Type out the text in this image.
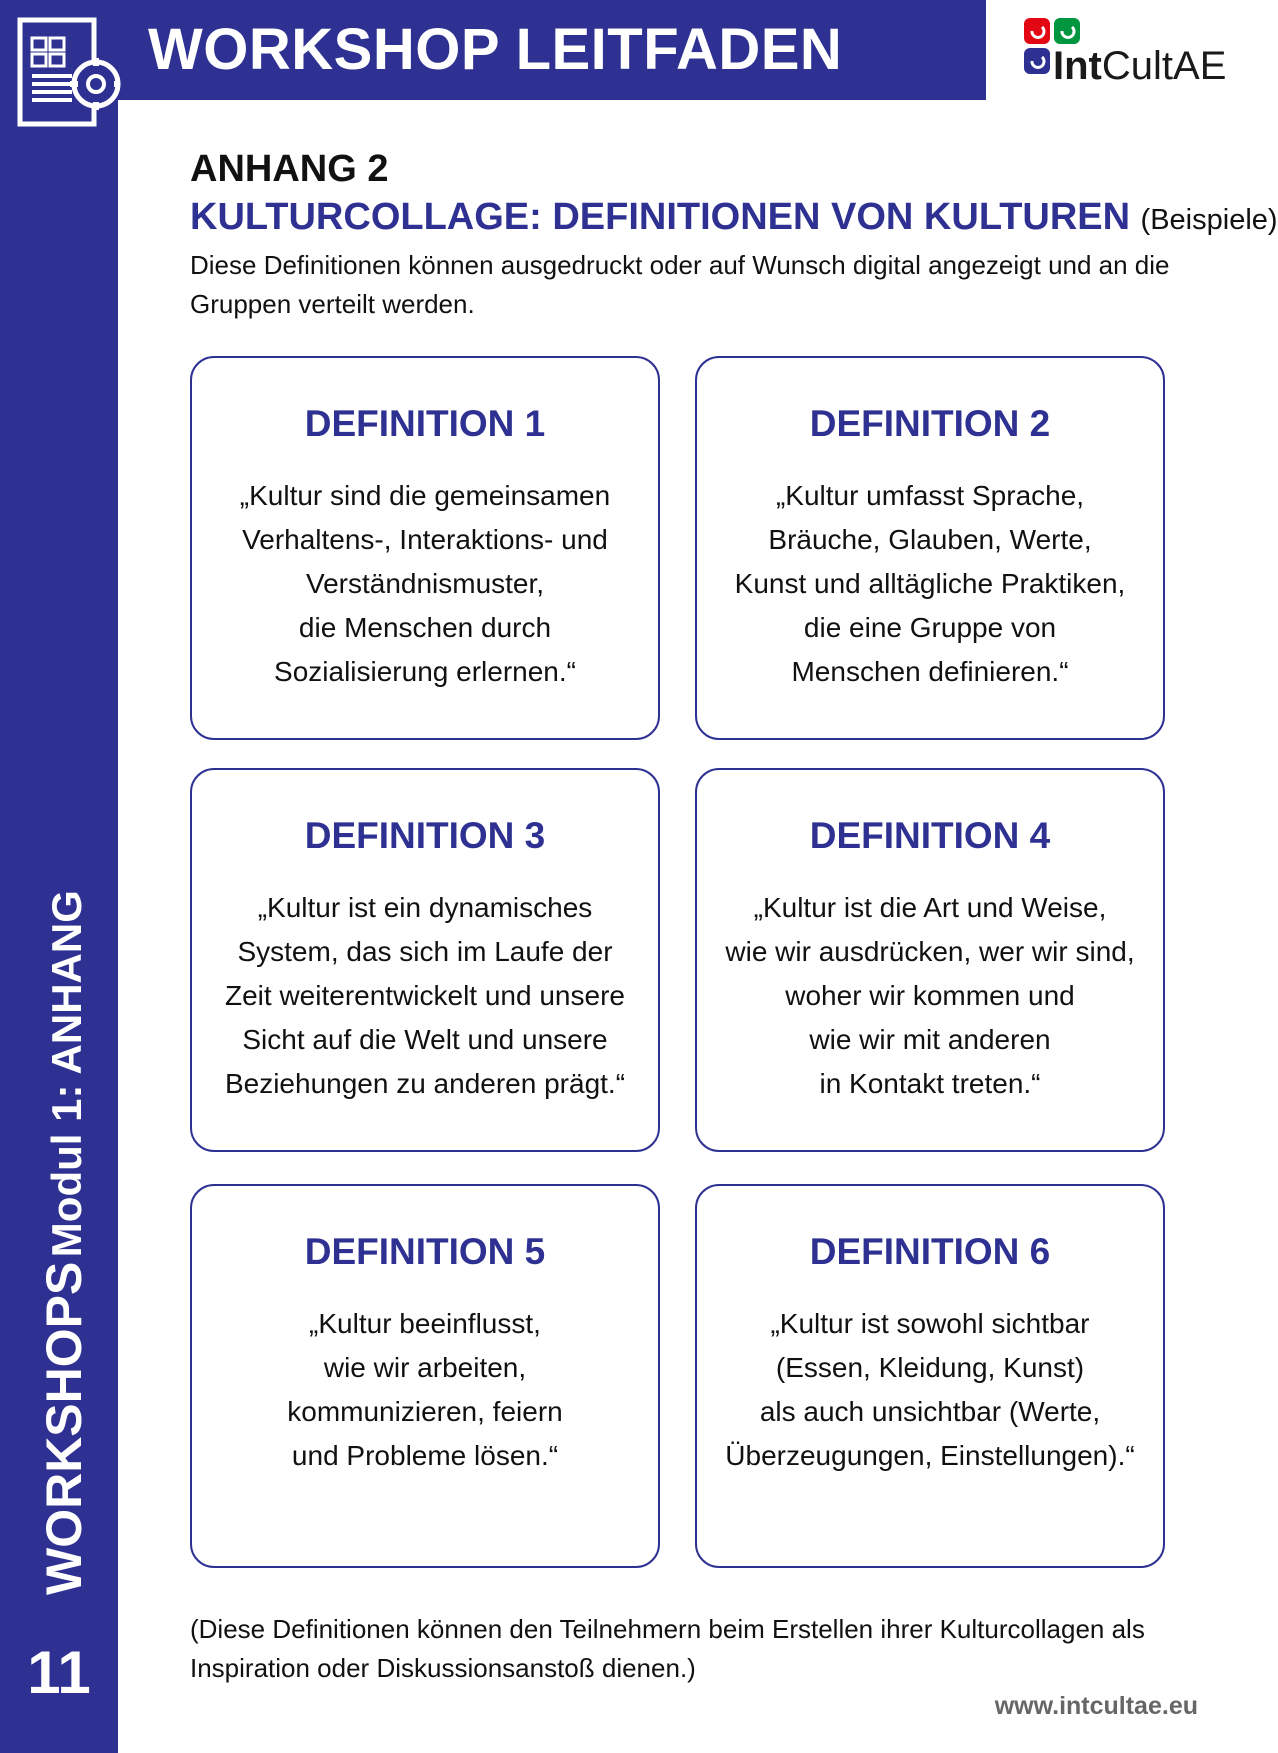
WORKSHOP LEITFADEN	IntCultAE
WORKSHOPS Modul 1: ANHANG
11
ANHANG 2
KULTURCOLLAGE: DEFINITIONEN VON KULTUREN (Beispiele)
Diese Definitionen können ausgedruckt oder auf Wunsch digital angezeigt und an die Gruppen verteilt werden.
DEFINITION 1
„Kultur sind die gemeinsamen
Verhaltens-, Interaktions- und
Verständnismuster,
die Menschen durch
Sozialisierung erlernen.“
DEFINITION 2
„Kultur umfasst Sprache,
Bräuche, Glauben, Werte,
Kunst und alltägliche Praktiken,
die eine Gruppe von
Menschen definieren.“
DEFINITION 3
„Kultur ist ein dynamisches
System, das sich im Laufe der
Zeit weiterentwickelt und unsere
Sicht auf die Welt und unsere
Beziehungen zu anderen prägt.“
DEFINITION 4
„Kultur ist die Art und Weise,
wie wir ausdrücken, wer wir sind,
woher wir kommen und
wie wir mit anderen
in Kontakt treten.“
DEFINITION 5
„Kultur beeinflusst,
wie wir arbeiten,
kommunizieren, feiern
und Probleme lösen.“
DEFINITION 6
„Kultur ist sowohl sichtbar
(Essen, Kleidung, Kunst)
als auch unsichtbar (Werte,
Überzeugungen, Einstellungen).“
(Diese Definitionen können den Teilnehmern beim Erstellen ihrer Kulturcollagen als Inspiration oder Diskussionsanstoß dienen.)
www.intcultae.eu
